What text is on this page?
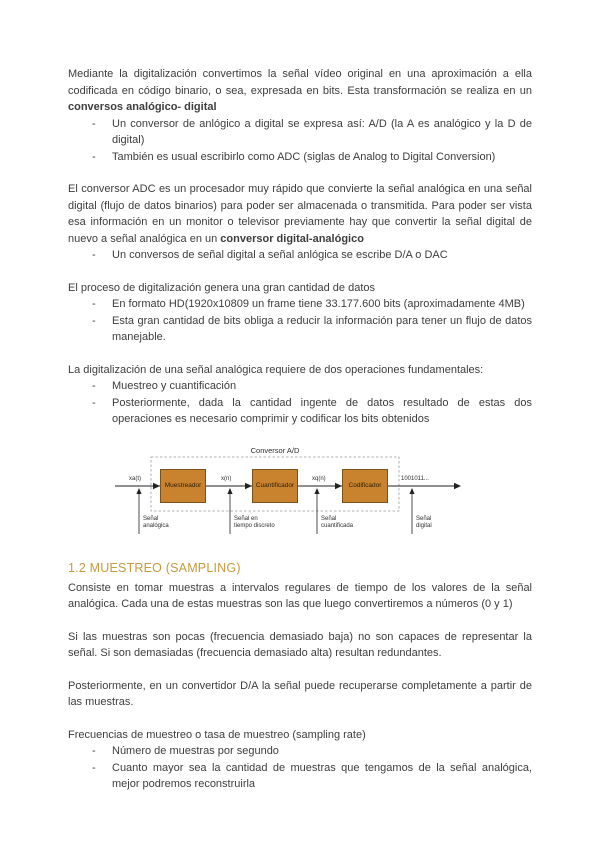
Mediante la digitalización convertimos la señal vídeo original en una aproximación a ella codificada en código binario, o sea, expresada en bits. Esta transformación se realiza en un conversos analógico- digital

- Un conversor de anlógico a digital se expresa así: A/D (la A es analógico y la D de digital)
- También es usual escribirlo como ADC (siglas de Analog to Digital Conversion)

El conversor ADC es un procesador muy rápido que convierte la señal analógica en una señal digital (flujo de datos binarios) para poder ser almacenada o transmitida. Para poder ser vista esa información en un monitor o televisor previamente hay que convertir la señal digital de nuevo a señal analógica en un conversor digital-analógico

- Un conversos de señal digital a señal anlógica se escribe D/A o DAC

El proceso de digitalización genera una gran cantidad de datos

- En formato HD(1920x10809 un frame tiene 33.177.600 bits (aproximadamente 4MB)
- Esta gran cantidad de bits obliga a reducir la información para tener un flujo de datos manejable.

La digitalización de una señal analógica requiere de dos operaciones fundamentales:

- Muestreo y cuantificación
- Posteriormente, dada la cantidad ingente de datos resultado de estas dos operaciones es necesario comprimir y codificar los bits obtenidos
Conversor A/D
Muestreador	Cuantificador	Codificador
xa(t)	x(n)	xq(n)	1001011...
Señal
analógica
Señal en
tiempo discreto
Señal
cuantificada
Señal
digital
1.2 MUESTREO (SAMPLING)

Consiste en tomar muestras a intervalos regulares de tiempo de los valores de la señal analógica. Cada una de estas muestras son las que luego convertiremos a números (0 y 1)

Si las muestras son pocas (frecuencia demasiado baja) no son capaces de representar la señal. Si son demasiadas (frecuencia demasiado alta) resultan redundantes.

Posteriormente, en un convertidor D/A la señal puede recuperarse completamente a partir de las muestras.

Frecuencias de muestreo o tasa de muestreo (sampling rate)

- Número de muestras por segundo
- Cuanto mayor sea la cantidad de muestras que tengamos de la señal analógica, mejor podremos reconstruirla
